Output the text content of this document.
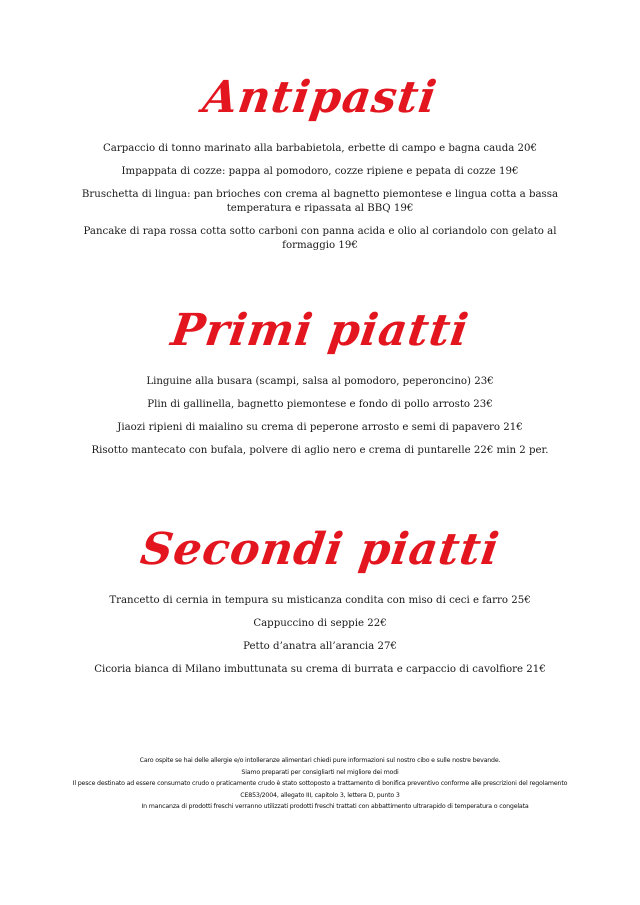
Antipasti

Carpaccio di tonno marinato alla barbabietola, erbette di campo e bagna cauda 20€

Impappata di cozze: pappa al pomodoro, cozze ripiene e pepata di cozze 19€

Bruschetta di lingua: pan brioches con crema al bagnetto piemontese e lingua cotta a bassa temperatura e ripassata al BBQ 19€

Pancake di rapa rossa cotta sotto carboni con panna acida e olio al coriandolo con gelato al formaggio 19€

Primi piatti

Linguine alla busara (scampi, salsa al pomodoro, peperoncino) 23€

Plin di gallinella, bagnetto piemontese e fondo di pollo arrosto 23€

Jiaozi ripieni di maialino su crema di peperone arrosto e semi di papavero 21€

Risotto mantecato con bufala, polvere di aglio nero e crema di puntarelle 22€ min 2 per.

Secondi piatti

Trancetto di cernia in tempura su misticanza condita con miso di ceci e farro 25€

Cappuccino di seppie 22€

Petto d’anatra all’arancia 27€

Cicoria bianca di Milano imbuttunata su crema di burrata e carpaccio di cavolfiore 21€

Caro ospite se hai delle allergie e/o intolleranze alimentari chiedi pure informazioni sul nostro cibo e sulle nostre bevande.
Siamo preparati per consigliarti nel migliore dei modi
Il pesce destinato ad essere consumato crudo o praticamente crudo è stato sottoposto a trattamento di bonifica preventivo conforme alle prescrizioni del regolamento
CE853/2004, allegato III, capitolo 3, lettera D, punto 3
In mancanza di prodotti freschi verranno utilizzati prodotti freschi trattati con abbattimento ultrarapido di temperatura o congelata
